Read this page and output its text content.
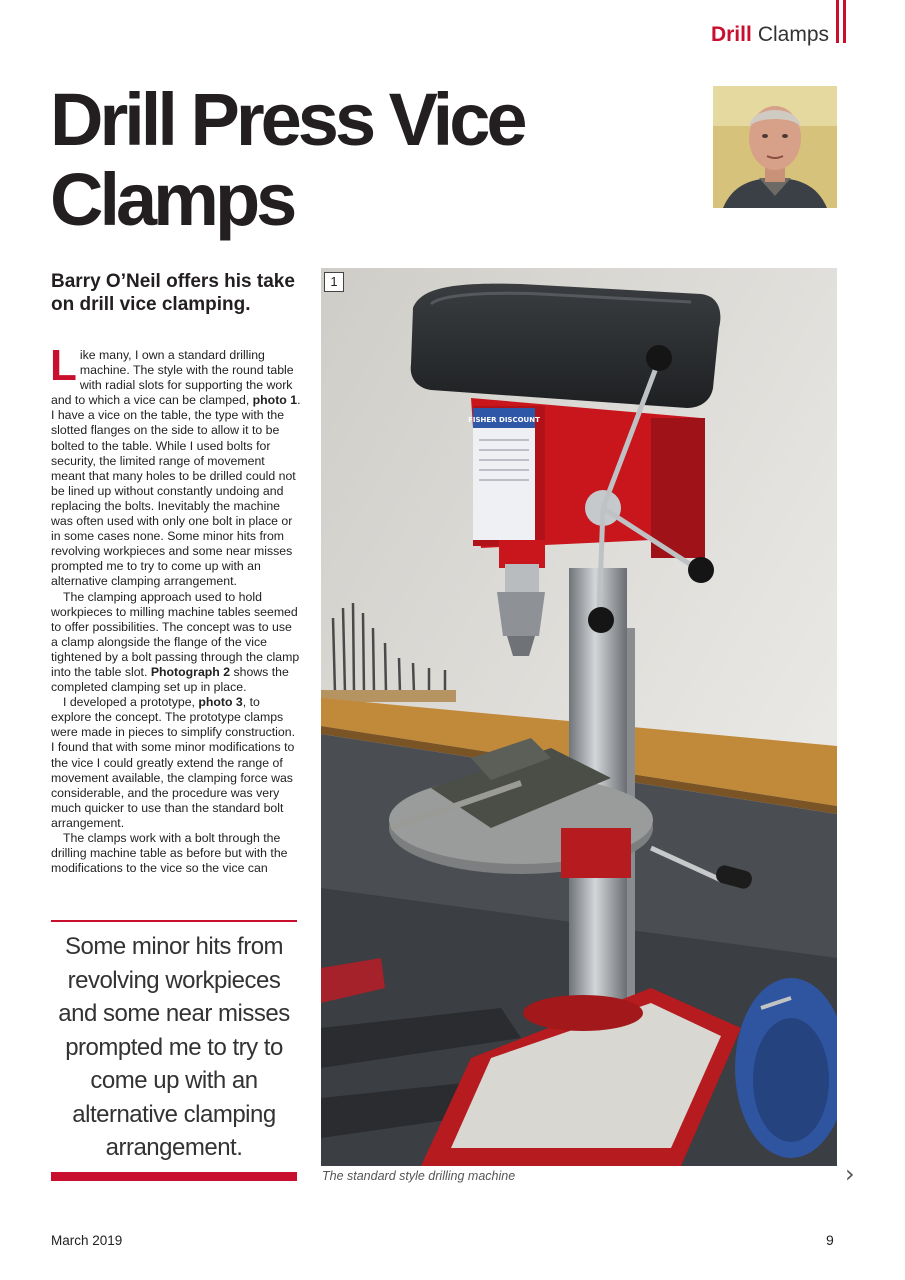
Drill Clamps
Drill Press Vice
Clamps
Barry O’Neil offers his take on drill vice clamping.

Like many, I own a standard drilling machine. The style with the round table with radial slots for supporting the work and to which a vice can be clamped, photo 1. I have a vice on the table, the type with the slotted flanges on the side to allow it to be bolted to the table. While I used bolts for security, the limited range of movement meant that many holes to be drilled could not be lined up without constantly undoing and replacing the bolts. Inevitably the machine was often used with only one bolt in place or in some cases none. Some minor hits from revolving workpieces and some near misses prompted me to try to come up with an alternative clamping arrangement.

The clamping approach used to hold workpieces to milling machine tables seemed to offer possibilities. The concept was to use a clamp alongside the flange of the vice tightened by a bolt passing through the clamp into the table slot. Photograph 2 shows the completed clamping set up in place.

I developed a prototype, photo 3, to explore the concept. The prototype clamps were made in pieces to simplify construction. I found that with some minor modifications to the vice I could greatly extend the range of movement available, the clamping force was considerable, and the procedure was very much quicker to use than the standard bolt arrangement.

The clamps work with a bolt through the drilling machine table as before but with the modifications to the vice so the vice can

Some minor hits from revolving workpieces and some near misses prompted me to try to come up with an alternative clamping arrangement.
FISHER DISCOUNT
1
The standard style drilling machine	›
March 2019	9
